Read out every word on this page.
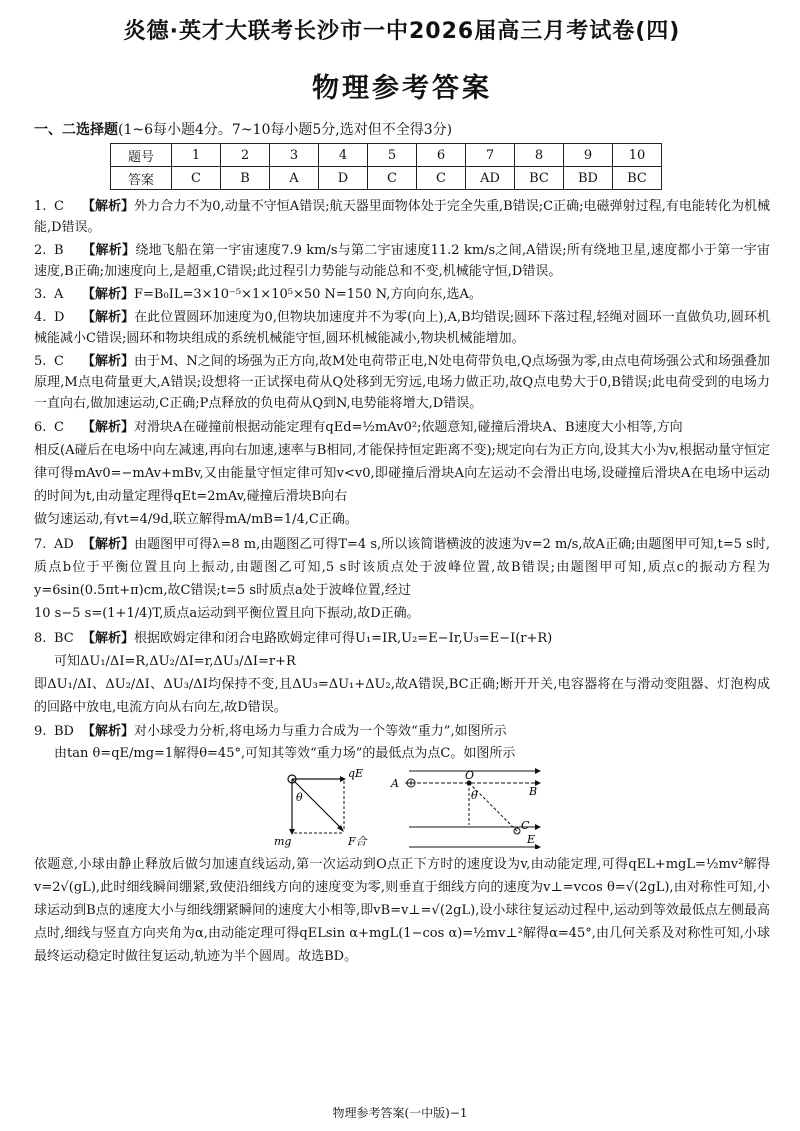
炎德·英才大联考长沙市一中2026届高三月考试卷(四)
物理参考答案
一、二选择题(1~6每小题4分。7~10每小题5分,选对但不全得3分)
题号	1	2	3	4	5	6	7	8	9	10
答案	C	B	A	D	C	C	AD	BC	BD	BC
1. C 【解析】外力合力不为0,动量不守恒A错误;航天器里面物体处于完全失重,B错误;C正确;电磁弹射过程,有电能转化为机械能,D错误。
2. B 【解析】绕地飞船在第一宇宙速度7.9 km/s与第二宇宙速度11.2 km/s之间,A错误;所有绕地卫星,速度都小于第一宇宙速度,B正确;加速度向上,是超重,C错误;此过程引力势能与动能总和不变,机械能守恒,D错误。
3. A 【解析】F=B₀IL=3×10⁻⁵×1×10⁵×50 N=150 N,方向向东,选A。
4. D 【解析】在此位置圆环加速度为0,但物块加速度并不为零(向上),A,B均错误;圆环下落过程,轻绳对圆环一直做负功,圆环机械能减小C错误;圆环和物块组成的系统机械能守恒,圆环机械能减小,物块机械能增加。
5. C 【解析】由于M、N之间的场强为正方向,故M处电荷带正电,N处电荷带负电,Q点场强为零,由点电荷场强公式和场强叠加原理,M点电荷量更大,A错误;设想将一正试探电荷从Q处移到无穷远,电场力做正功,故Q点电势大于0,B错误;此电荷受到的电场力一直向右,做加速运动,C正确;P点释放的负电荷从Q到N,电势能将增大,D错误。
6. C 【解析】对滑块A在碰撞前根据动能定理有qEd=½mAv0²;依题意知,碰撞后滑块A、B速度大小相等,方向
相反(A碰后在电场中向左减速,再向右加速,速率与B相同,才能保持恒定距离不变);规定向右为正方向,设其大小为v,根据动量守恒定律可得mAv0=−mAv+mBv,又由能量守恒定律可知v<v0,即碰撞后滑块A向左运动不会滑出电场,设碰撞后滑块A在电场中运动的时间为t,由动量定理得qEt=2mAv,碰撞后滑块B向右
做匀速运动,有vt=4/9d,联立解得mA/mB=1/4,C正确。
7. AD 【解析】由题图甲可得λ=8 m,由题图乙可得T=4 s,所以该简谐横波的波速为v=2 m/s,故A正确;由题图甲可知,t=5 s时,质点b位于平衡位置且向上振动,由题图乙可知,5 s时该质点处于波峰位置,故B错误;由题图甲可知,质点c的振动方程为y=6sin(0.5πt+π)cm,故C错误;t=5 s时质点a处于波峰位置,经过
10 s−5 s=(1+1/4)T,质点a运动到平衡位置且向下振动,故D正确。
8. BC 【解析】根据欧姆定律和闭合电路欧姆定律可得U₁=IR,U₂=E−Ir,U₃=E−I(r+R)
可知ΔU₁/ΔI=R,ΔU₂/ΔI=r,ΔU₃/ΔI=r+R
即ΔU₁/ΔI、ΔU₂/ΔI、ΔU₃/ΔI均保持不变,且ΔU₃=ΔU₁+ΔU₂,故A错误,BC正确;断开开关,电容器将在与滑动变阻器、灯泡构成的回路中放电,电流方向从右向左,故D错误。
9. BD 【解析】对小球受力分析,将电场力与重力合成为一个等效“重力”,如图所示
由tan θ=qE/mg=1解得θ=45°,可知其等效“重力场”的最低点为点C。如图所示
qE
θ
mg	F合
A
O
B
θ
C
E
依题意,小球由静止释放后做匀加速直线运动,第一次运动到O点正下方时的速度设为v,由动能定理,可得qEL+mgL=½mv²解得v=2√(gL),此时细线瞬间绷紧,致使沿细线方向的速度变为零,则垂直于细线方向的速度为v⊥=vcos θ=√(2gL),由对称性可知,小球运动到B点的速度大小与细线绷紧瞬间的速度大小相等,即vB=v⊥=√(2gL),设小球往复运动过程中,运动到等效最低点左侧最高点时,细线与竖直方向夹角为α,由动能定理可得qELsin α+mgL(1−cos α)=½mv⊥²解得α=45°,由几何关系及对称性可知,小球最终运动稳定时做往复运动,轨迹为半个圆周。故选BD。
物理参考答案(一中版)−1
